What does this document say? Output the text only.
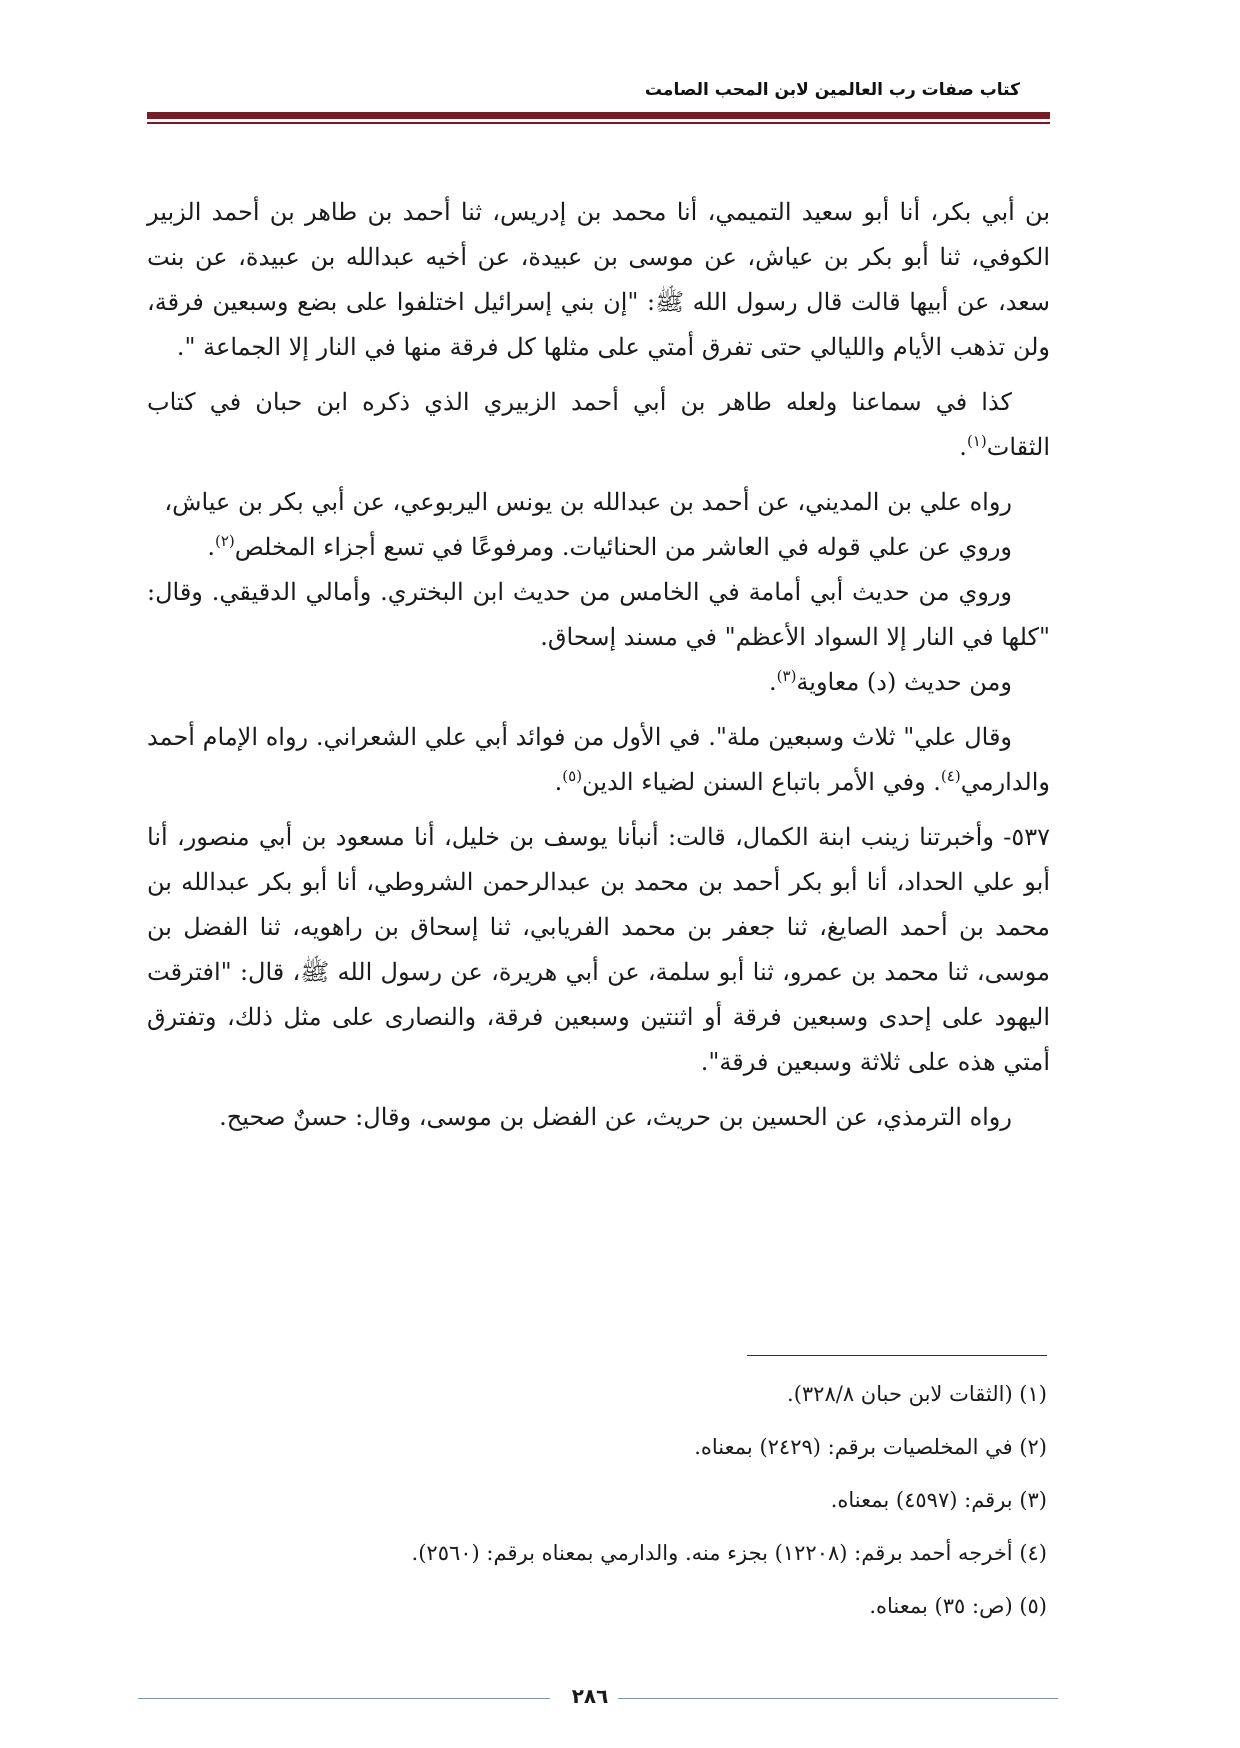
كتاب صفات رب العالمين لابن المحب الصامت

بن أبي بكر، أنا أبو سعيد التميمي، أنا محمد بن إدريس، ثنا أحمد بن طاهر بن أحمد الزبير الكوفي، ثنا أبو بكر بن عياش، عن موسى بن عبيدة، عن أخيه عبدالله بن عبيدة، عن بنت سعد، عن أبيها قالت قال رسول الله ﷺ: "إن بني إسرائيل اختلفوا على بضع وسبعين فرقة، ولن تذهب الأيام والليالي حتى تفرق أمتي على مثلها كل فرقة منها في النار إلا الجماعة ".

كذا في سماعنا ولعله طاهر بن أبي أحمد الزبيري الذي ذكره ابن حبان في كتاب الثقات$^{(١)}$.

رواه علي بن المديني، عن أحمد بن عبدالله بن يونس اليربوعي، عن أبي بكر بن عياش،

وروي عن علي قوله في العاشر من الحنائيات. ومرفوعًا في تسع أجزاء المخلص$^{(٢)}$.

وروي من حديث أبي أمامة في الخامس من حديث ابن البختري. وأمالي الدقيقي. وقال: "كلها في النار إلا السواد الأعظم" في مسند إسحاق.

ومن حديث (د) معاوية$^{(٣)}$.

وقال علي" ثلاث وسبعين ملة". في الأول من فوائد أبي علي الشعراني. رواه الإمام أحمد والدارمي$^{(٤)}$. وفي الأمر باتباع السنن لضياء الدين$^{(٥)}$.

٥٣٧- وأخبرتنا زينب ابنة الكمال، قالت: أنبأنا يوسف بن خليل، أنا مسعود بن أبي منصور، أنا أبو علي الحداد، أنا أبو بكر أحمد بن محمد بن عبدالرحمن الشروطي، أنا أبو بكر عبدالله بن محمد بن أحمد الصايغ، ثنا جعفر بن محمد الفريابي، ثنا إسحاق بن راهويه، ثنا الفضل بن موسى، ثنا محمد بن عمرو، ثنا أبو سلمة، عن أبي هريرة، عن رسول الله ﷺ، قال: "افترقت اليهود على إحدى وسبعين فرقة أو اثنتين وسبعين فرقة، والنصارى على مثل ذلك، وتفترق أمتي هذه على ثلاثة وسبعين فرقة".

رواه الترمذي، عن الحسين بن حريث، عن الفضل بن موسى، وقال: حسنٌ صحيح.

(١) (الثقات لابن حبان ٣٢٨/٨).

(٢) في المخلصيات برقم: (٢٤٢٩) بمعناه.

(٣) برقم: (٤٥٩٧) بمعناه.

(٤) أخرجه أحمد برقم: (١٢٢٠٨) بجزء منه. والدارمي بمعناه برقم: (٢٥٦٠).

(٥) (ص: ٣٥) بمعناه.

٢٨٦
